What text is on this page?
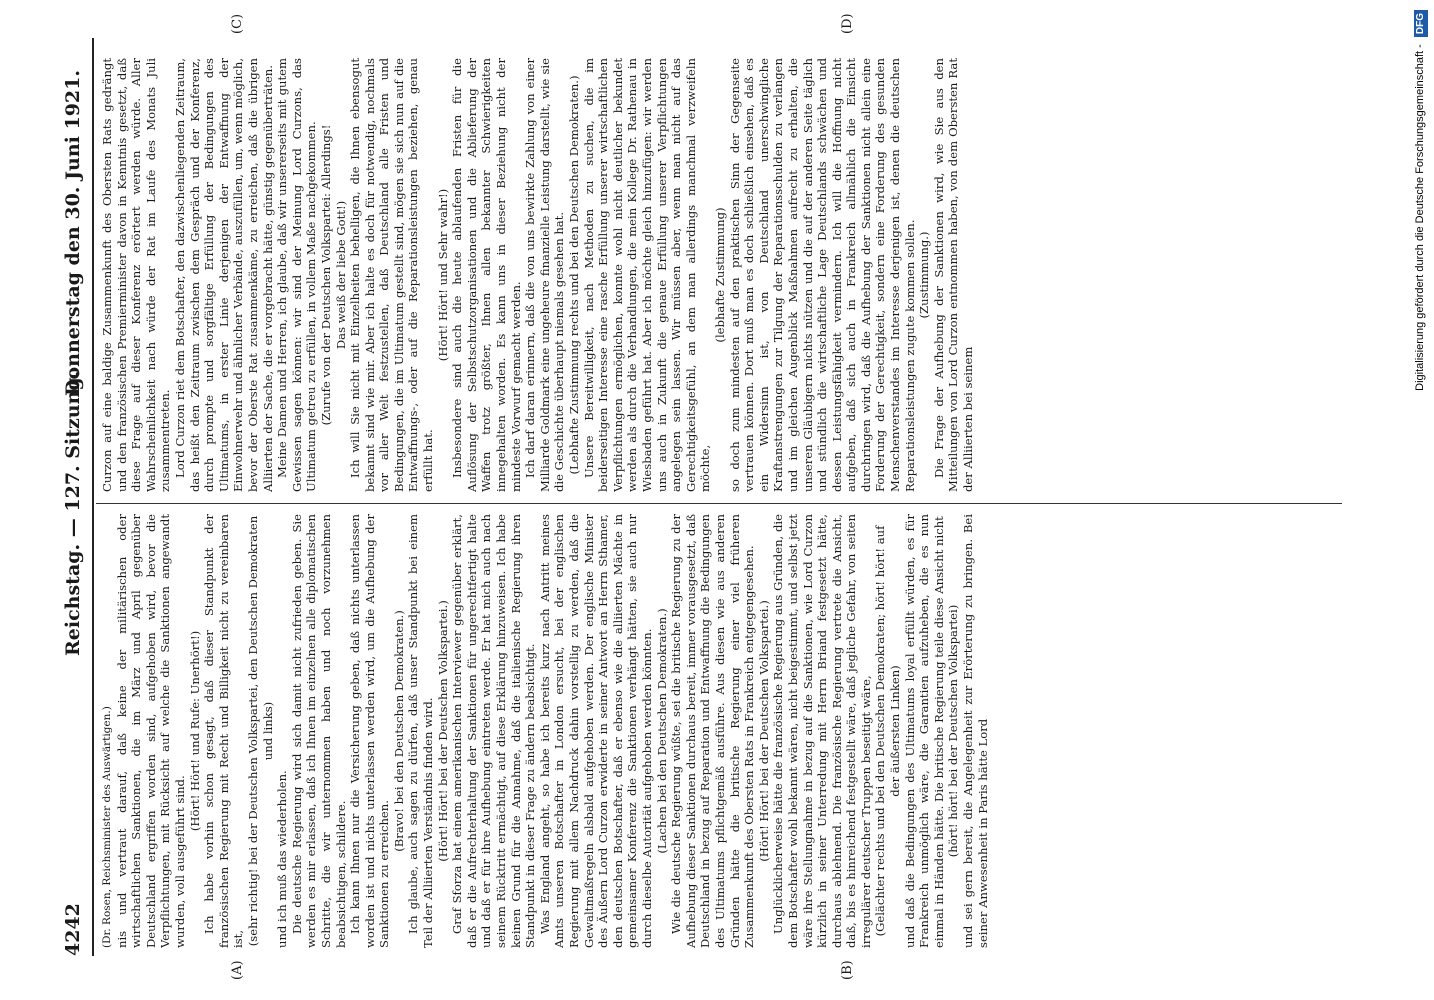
4242
Reichstag. — 127. Sitzung.
Donnerstag den 30. Juni 1921.
(A)	(B)
(C)	(D)

(Dr. Rosen, Reichsminister des Auswärtigen.) nis und vertraut darauf, daß keine der militärischen oder wirtschaftlichen Sanktionen, die im März und April gegenüber Deutschland ergriffen worden sind, aufgehoben wird, bevor die Verpflichtungen, mit Rücksicht auf welche die Sanktionen angewandt wurden, voll ausgeführt sind.

(Hört! Hört! und Rufe: Unerhört!) Ich habe vorhin schon gesagt, daß dieser Standpunkt der französischen Regierung mit Recht und Billigkeit nicht zu vereinbaren ist, (sehr richtig! bei der Deutschen Volkspartei, den Deutschen Demokraten und links)

und ich muß das wiederholen. Die deutsche Regierung wird sich damit nicht zufrieden geben. Sie werden es mir erlassen, daß ich Ihnen im einzelnen alle diplomatischen Schritte, die wir unternommen haben und noch vorzunehmen beabsichtigen, schildere. Ich kann Ihnen nur die Versicherung geben, daß nichts unterlassen worden ist und nichts unterlassen werden wird, um die Aufhebung der Sanktionen zu erreichen.

(Bravo! bei den Deutschen Demokraten.) Ich glaube, auch sagen zu dürfen, daß unser Standpunkt bei einem Teil der Alliierten Verständnis finden wird. (Hört! Hört! bei der Deutschen Volkspartei.) Graf Sforza hat einem amerikanischen Interviewer gegenüber erklärt, daß er die Aufrechterhaltung der Sanktionen für ungerechtfertigt halte und daß er für ihre Aufhebung eintreten werde. Er hat mich auch nach seinem Rücktritt ermächtigt, auf diese Erklärung hinzuweisen. Ich habe keinen Grund für die Annahme, daß die italienische Regierung ihren Standpunkt in dieser Frage zu ändern beabsichtigt. Was England angeht, so habe ich bereits kurz nach Antritt meines Amts unseren Botschafter in London ersucht, bei der englischen Regierung mit allem Nachdruck dahin vorstellig zu werden, daß die Gewaltmaßregeln alsbald aufgehoben werden. Der englische Minister des Äußern Lord Curzon erwiderte in seiner Antwort an Herrn Sthamer, den deutschen Botschafter, daß er ebenso wie die alliierten Mächte in gemeinsamer Konferenz die Sanktionen verhängt hätten, sie auch nur durch dieselbe Autorität aufgehoben werden könnten. (Lachen bei den Deutschen Demokraten.) Wie die deutsche Regierung wüßte, sei die britische Regierung zu der Aufhebung dieser Sanktionen durchaus bereit, immer vorausgesetzt, daß Deutschland in bezug auf Reparation und Entwaffnung die Bedingungen des Ultimatums pflichtgemäß ausführe. Aus diesen wie aus anderen Gründen hätte die britische Regierung einer viel früheren Zusammenkunft des Obersten Rats in Frankreich entgegengesehen. (Hört! Hört! bei der Deutschen Volkspartei.) Unglücklicherweise hätte die französische Regierung aus Gründen, die dem Botschafter wohl bekannt wären, nicht beigestimmt, und selbst jetzt wäre ihre Stellungnahme in bezug auf die Sanktionen, wie Lord Curzon kürzlich in seiner Unterredung mit Herrn Briand festgesetzt hätte, durchaus ablehnend. Die französische Regierung vertrete die Ansicht, daß, bis es hinreichend festgestellt wäre, daß jegliche Gefahr, von seiten irregulärer deutscher Truppen beseitigt wäre, (Gelächter rechts und bei den Deutschen Demokraten; hört! hört! auf der äußersten Linken) und daß die Bedingungen des Ultimatums loyal erfüllt würden, es für Frankreich unmöglich wäre, die Garantien aufzuheben, die es nun einmal in Händen hätte. Die britische Regierung teile diese Ansicht nicht (hört! hört! bei der Deutschen Volkspartei) und sei gern bereit, die Angelegenheit zur Erörterung zu bringen. Bei seiner Anwesenheit in Paris hätte Lord

Curzon auf eine baldige Zusammenkunft des Obersten Rats gedrängt und den französischen Premierminister davon in Kenntnis gesetzt, daß diese Frage auf dieser Konferenz erörtert werden würde. Aller Wahrscheinlichkeit nach würde der Rat im Laufe des Monats Juli zusammentreten. Lord Curzon riet dem Botschafter, den dazwischenliegenden Zeitraum, das heißt den Zeitraum zwischen dem Gespräch und der Konferenz, durch prompte und sorgfältige Erfüllung der Bedingungen des Ultimatums, in erster Linie derjenigen der Entwaffnung der Einwohnerwehr und ähnlicher Verbände, auszufüllen, um, wenn möglich, bevor der Oberste Rat zusammenkäme, zu erreichen, daß die übrigen Alliierten der Sache, die er vorgebracht hätte, günstig gegenüberträten. Meine Damen und Herren, ich glaube, daß wir unsererseits mit gutem Gewissen sagen können: wir sind der Meinung Lord Curzons, das Ultimatum getreu zu erfüllen, in vollem Maße nachgekommen. (Zurufe von der Deutschen Volkspartei: Allerdings! Das weiß der liebe Gott!) Ich will Sie nicht mit Einzelheiten behelligen, die Ihnen ebensogut bekannt sind wie mir. Aber ich halte es doch für notwendig, nochmals vor aller Welt festzustellen, daß Deutschland alle Fristen und Bedingungen, die im Ultimatum gestellt sind, mögen sie sich nun auf die Entwaffnungs-, oder auf die Reparationsleistungen beziehen, genau erfüllt hat.

(Hört! Hört! und Sehr wahr!) Insbesondere sind auch die heute ablaufenden Fristen für die Auflösung der Selbstschutzorganisationen und die Ablieferung der Waffen trotz größter, Ihnen allen bekannter Schwierigkeiten innegehalten worden. Es kann uns in dieser Beziehung nicht der mindeste Vorwurf gemacht werden. Ich darf daran erinnern, daß die von uns bewirkte Zahlung von einer Milliarde Goldmark eine ungeheure finanzielle Leistung darstellt, wie sie die Geschichte überhaupt niemals gesehen hat. (Lebhafte Zustimmung rechts und bei den Deutschen Demokraten.) Unsere Bereitwilligkeit, nach Methoden zu suchen, die im beiderseitigen Interesse eine rasche Erfüllung unserer wirtschaftlichen Verpflichtungen ermöglichen, konnte wohl nicht deutlicher bekundet werden als durch die Verhandlungen, die mein Kollege Dr. Rathenau in Wiesbaden geführt hat. Aber ich möchte gleich hinzufügen: wir werden uns auch in Zukunft die genaue Erfüllung unserer Verpflichtungen angelegen sein lassen. Wir müssen aber, wenn man nicht auf das Gerechtigkeitsgefühl, an dem man allerdings manchmal verzweifeln möchte,

(lebhafte Zustimmung) so doch zum mindesten auf den praktischen Sinn der Gegenseite vertrauen können. Dort muß man es doch schließlich einsehen, daß es ein Widersinn ist, von Deutschland unerschwingliche Kraftanstrengungen zur Tilgung der Reparationsschulden zu verlangen und im gleichen Augenblick Maßnahmen aufrecht zu erhalten, die unseren Gläubigern nichts nützen und die auf der anderen Seite täglich und stündlich die wirtschaftliche Lage Deutschlands schwächen und dessen Leistungsfähigkeit vermindern. Ich will die Hoffnung nicht aufgeben, daß sich auch in Frankreich allmählich die Einsicht durchringen wird, daß die Aufhebung der Sanktionen nicht allein eine Forderung der Gerechtigkeit, sondern eine Forderung des gesunden Menschenverstandes im Interesse derjenigen ist, denen die deutschen Reparationsleistungen zugute kommen sollen. (Zustimmung.) Die Frage der Aufhebung der Sanktionen wird, wie Sie aus den Mitteilungen von Lord Curzon entnommen haben, von dem Obersten Rat der Alliierten bei seinem

Digitalisierung gefördert durch die Deutsche Forschungsgemeinschaft - DFG
